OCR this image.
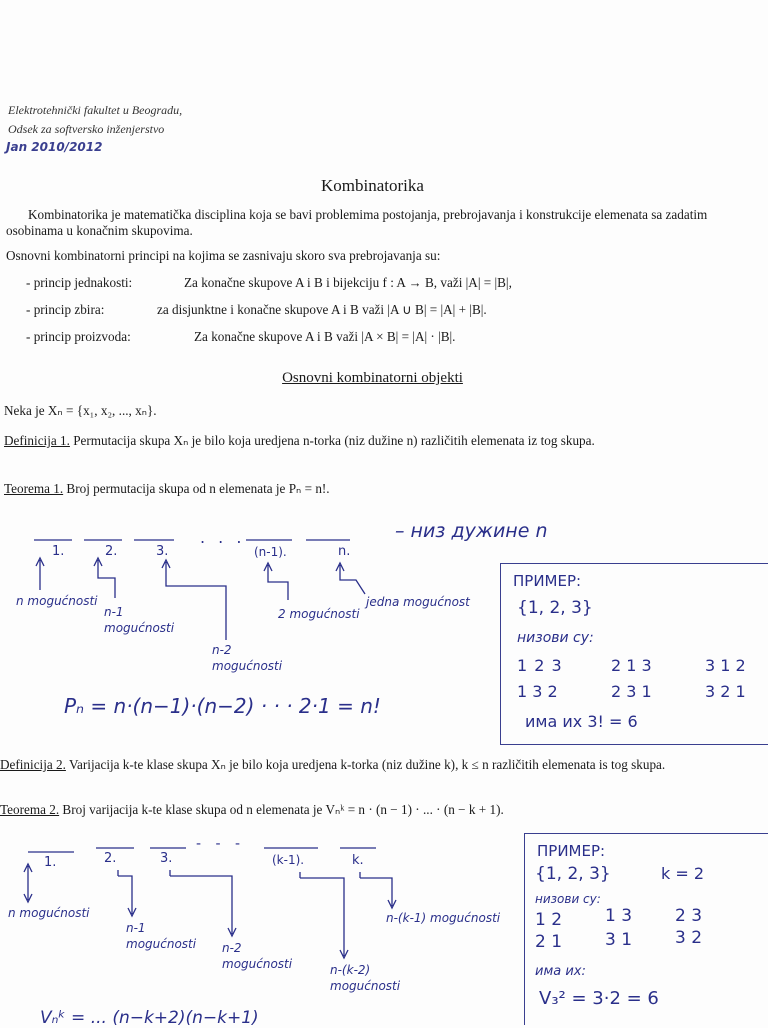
Elektrotehnički fakultet u Beogradu,
Odsek za softversko inženjerstvo
Jan 2010/2012
Kombinatorika
Kombinatorika je matematička disciplina koja se bavi problemima postojanja, prebrojavanja i konstrukcije elemenata sa zadatim osobinama u konačnim skupovima.
Osnovni kombinatorni principi na kojima se zasnivaju skoro sva prebrojavanja su:
- princip jednakosti:	Za konačne skupove A i B i bijekciju f : A → B, važi |A| = |B|,
- princip zbira:	za disjunktne i konačne skupove A i B važi |A ∪ B| = |A| + |B|.
- princip proizvoda:	Za konačne skupove A i B važi |A × B| = |A| · |B|.
Osnovni kombinatorni objekti
Neka je Xₙ = {x₁, x₂, ..., xₙ}.
Definicija 1. Permutacija skupa Xₙ je bilo koja uredjena n-torka (niz dužine n) različitih elemenata iz tog skupa.
Teorema 1. Broj permutacija skupa od n elemenata je Pₙ = n!.
1.	2.	3.
. . .
(n-1).	n.
– низ дужине n
n mogućnosti
n-1 mogućnosti
n-2 mogućnosti
2 mogućnosti
jedna mogućnost
Pₙ = n·(n−1)·(n−2) · · · 2·1 = n!
ПРИМЕР:
{1, 2, 3}
низови су:
1 2 3	2 1 3	3 1 2
1 3 2	2 3 1	3 2 1
има их 3! = 6
Definicija 2. Varijacija k-te klase skupa Xₙ je bilo koja uredjena k-torka (niz dužine k), k ≤ n različitih elemenata is tog skupa.
Teorema 2. Broj varijacija k-te klase skupa od n elemenata je Vₙᵏ = n · (n − 1) · ... · (n − k + 1).
1.	2.	3.
- - -
(k-1).	k.
n mogućnosti
n-1 mogućnosti	n-2 mogućnosti	n-(k-2) mogućnosti
n-(k-1) mogućnosti
Vₙᵏ = ... (n−k+2)(n−k+1)
ПРИМЕР:
{1, 2, 3}	k = 2
низови су:
1 2	1 3	2 3
2 1	3 1	3 2
има их:
V₃² = 3·2 = 6
